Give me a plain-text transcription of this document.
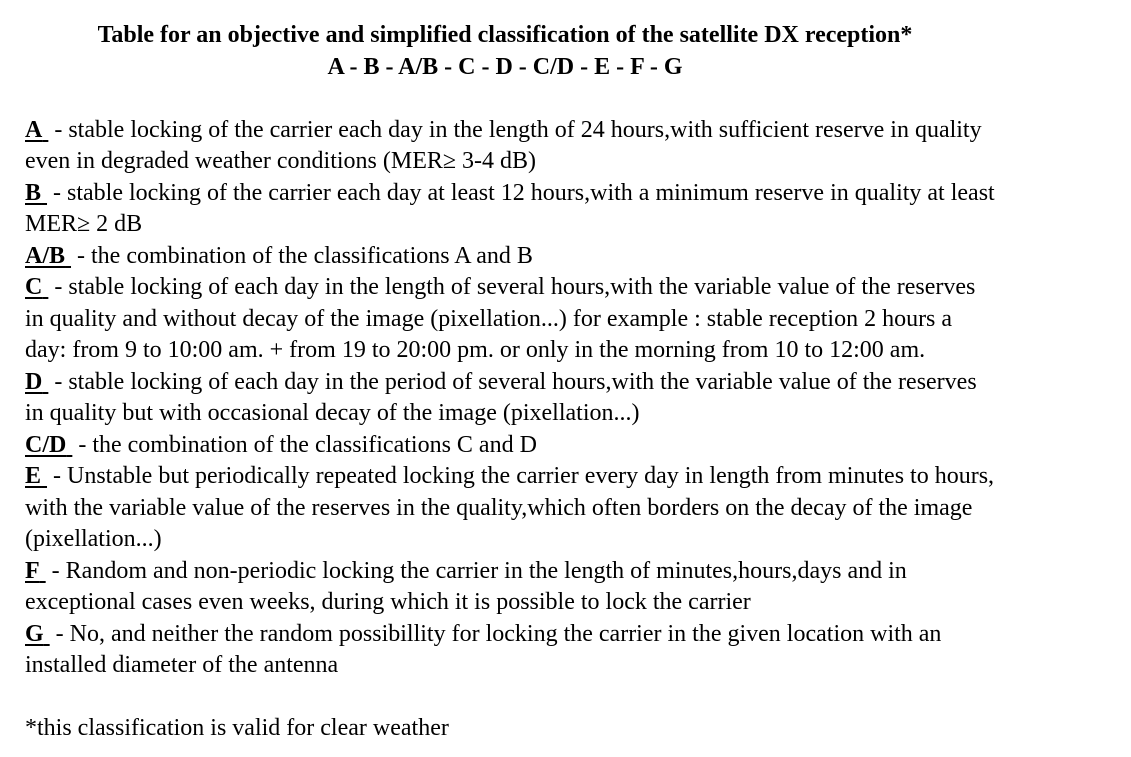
Table for an objective and simplified classification of the satellite DX reception*
A - B - A/B - C - D - C/D - E - F - G
A - stable locking of the carrier each day in the length of 24 hours,with sufficient reserve in quality
even in degraded weather conditions (MER≥ 3-4 dB)
B - stable locking of the carrier each day at least 12 hours,with a minimum reserve in quality at least
MER≥ 2 dB
A/B - the combination of the classifications A and B
C - stable locking of each day in the length of several hours,with the variable value of the reserves
in quality and without decay of the image (pixellation...) for example : stable reception 2 hours a
day: from 9 to 10:00 am. + from 19 to 20:00 pm. or only in the morning from 10 to 12:00 am.
D - stable locking of each day in the period of several hours,with the variable value of the reserves
in quality but with occasional decay of the image (pixellation...)
C/D - the combination of the classifications C and D
E - Unstable but periodically repeated locking the carrier every day in length from minutes to hours,
with the variable value of the reserves in the quality,which often borders on the decay of the image
(pixellation...)
F - Random and non-periodic locking the carrier in the length of minutes,hours,days and in
exceptional cases even weeks, during which it is possible to lock the carrier
G - No, and neither the random possibillity for locking the carrier in the given location with an
installed diameter of the antenna
*this classification is valid for clear weather
